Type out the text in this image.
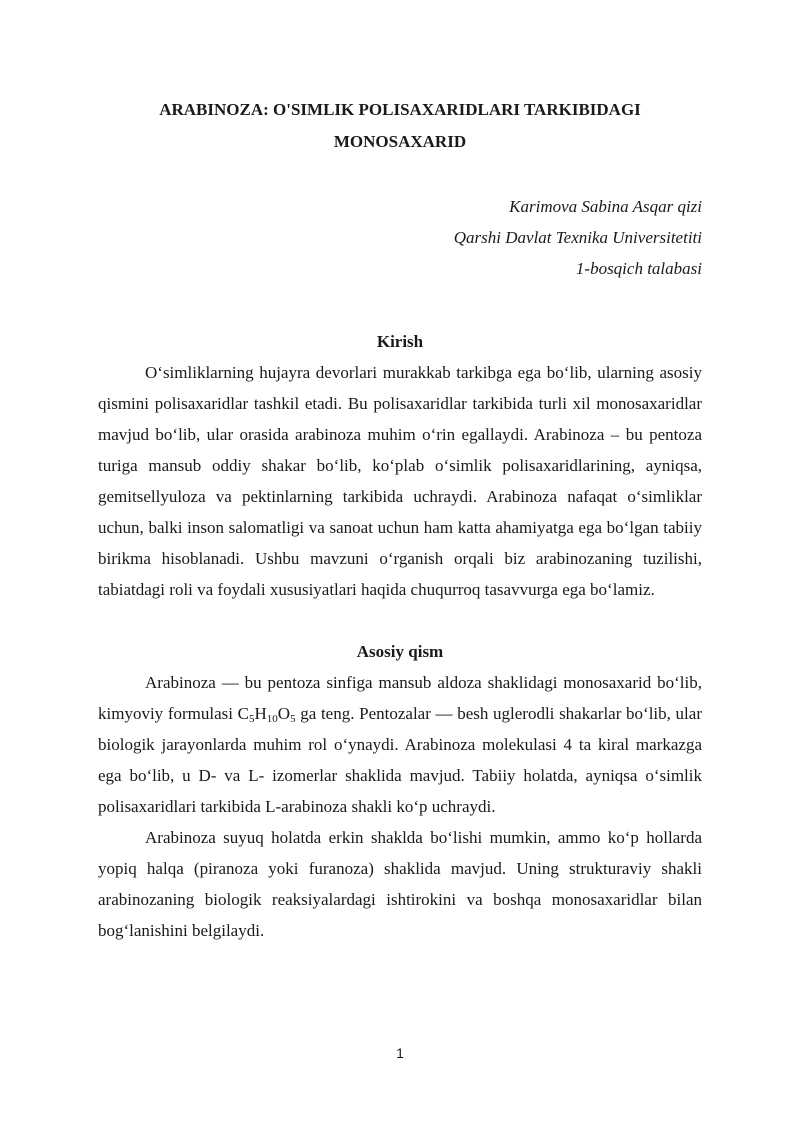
ARABINOZA: O'SIMLIK POLISAXARIDLARI TARKIBIDAGI MONOSAXARID
Karimova Sabina Asqar qizi
Qarshi Davlat Texnika Universitetiti
1-bosqich talabasi
Kirish

O‘simliklarning hujayra devorlari murakkab tarkibga ega bo‘lib, ularning asosiy qismini polisaxaridlar tashkil etadi. Bu polisaxaridlar tarkibida turli xil monosaxaridlar mavjud bo‘lib, ular orasida arabinoza muhim o‘rin egallaydi. Arabinoza – bu pentoza turiga mansub oddiy shakar bo‘lib, ko‘plab o‘simlik polisaxaridlarining, ayniqsa, gemitsellyuloza va pektinlarning tarkibida uchraydi. Arabinoza nafaqat o‘simliklar uchun, balki inson salomatligi va sanoat uchun ham katta ahamiyatga ega bo‘lgan tabiiy birikma hisoblanadi. Ushbu mavzuni o‘rganish orqali biz arabinozaning tuzilishi, tabiatdagi roli va foydali xususiyatlari haqida chuqurroq tasavvurga ega bo‘lamiz.

Asosiy qism

Arabinoza — bu pentoza sinfiga mansub aldoza shaklidagi monosaxarid bo‘lib, kimyoviy formulasi $C_5H_{10}O_5$ ga teng. Pentozalar — besh uglerodli shakarlar bo‘lib, ular biologik jarayonlarda muhim rol o‘ynaydi. Arabinoza molekulasi 4 ta kiral markazga ega bo‘lib, u D- va L- izomerlar shaklida mavjud. Tabiiy holatda, ayniqsa o‘simlik polisaxaridlari tarkibida L-arabinoza shakli ko‘p uchraydi.

Arabinoza suyuq holatda erkin shaklda bo‘lishi mumkin, ammo ko‘p hollarda yopiq halqa (piranoza yoki furanoza) shaklida mavjud. Uning strukturaviy shakli arabinozaning biologik reaksiyalardagi ishtirokini va boshqa monosaxaridlar bilan bog‘lanishini belgilaydi.

1
